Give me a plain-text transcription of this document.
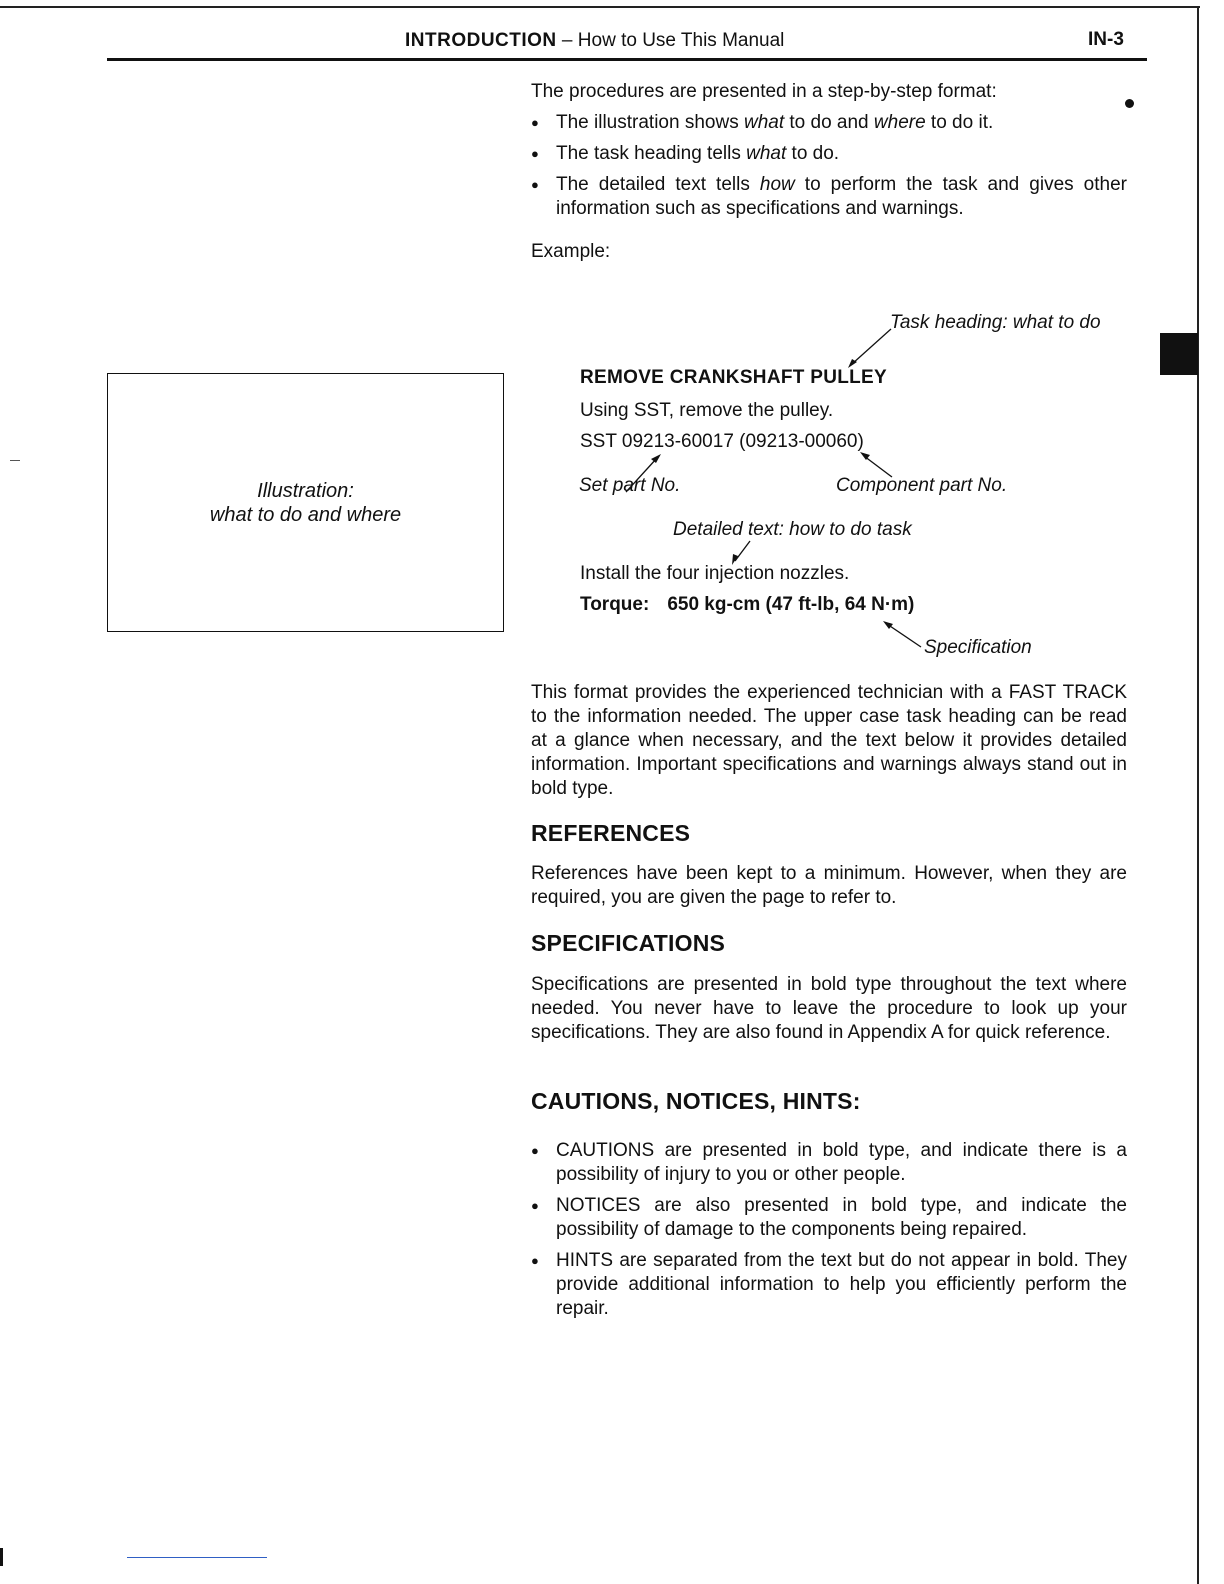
INTRODUCTION – How to Use This Manual	IN-3

The procedures are presented in a step-by-step format:

● The illustration shows what to do and where to do it.
● The task heading tells what to do.
● The detailed text tells how to perform the task and gives other information such as specifications and warnings.
Example:
Illustration:
what to do and where
Task heading: what to do
REMOVE CRANKSHAFT PULLEY
Using SST, remove the pulley.
SST 09213-60017 (09213-00060)
Set part No.	Component part No.
Detailed text: how to do task
Install the four injection nozzles.
Torque: 650 kg-cm (47 ft-lb, 64 N·m)
Specification

This format provides the experienced technician with a FAST TRACK to the information needed. The upper case task heading can be read at a glance when necessary, and the text below it provides detailed information. Important specifications and warnings always stand out in bold type.

REFERENCES

References have been kept to a minimum. However, when they are required, you are given the page to refer to.

SPECIFICATIONS

Specifications are presented in bold type throughout the text where needed. You never have to leave the procedure to look up your specifications. They are also found in Appendix A for quick reference.

CAUTIONS, NOTICES, HINTS:
● CAUTIONS are presented in bold type, and indicate there is a possibility of injury to you or other people.
● NOTICES are also presented in bold type, and indicate the possibility of damage to the components being repaired.
● HINTS are separated from the text but do not appear in bold. They provide additional information to help you efficiently perform the repair.
